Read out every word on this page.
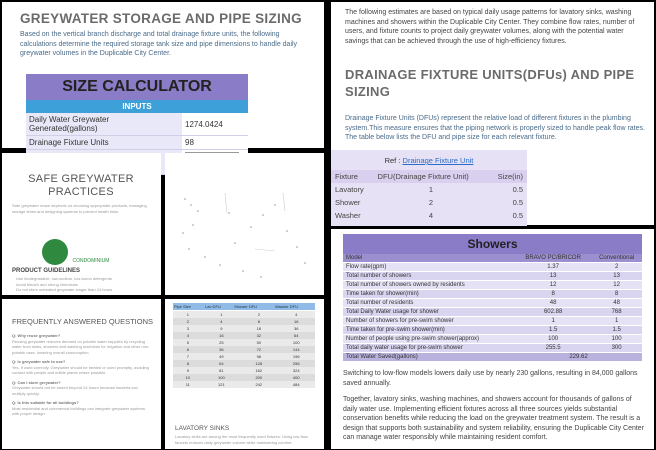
GREYWATER STORAGE AND PIPE SIZING
Based on the vertical branch discharge and total drainage fixture units, the following calculations determine the required storage tank size and pipe dimensions to handle daily greywater volumes in the Duplicable City Center.
SIZE CALCULATOR
INPUTS
Daily Water Greywater Generated(gallons)	1274.0424
Drainage Fixture Units	98

The following estimates are based on typical daily usage patterns for lavatory sinks, washing machines and showers within the Duplicable City Center. They combine flow rates, number of users, and fixture counts to project daily greywater volumes, along with the potential water savings that can be achieved through the use of high-efficiency fixtures.
DRAINAGE FIXTURE UNITS(DFUs) AND PIPE SIZING
Drainage Fixture Units (DFUs) represent the relative load of different fixtures in the plumbing system.This measure ensures that the piping network is properly sized to handle peak flow rates. The table below lists the DFU and pipe size for each relevant fixture.
Ref : Drainage Fixture Unit
Fixture	DFU(Drainage Fixture Unit)	Size(in)
Lavatory	1	0.5
Shower	2	0.5
Washer	4	0.5
SAFE GREYWATER PRACTICES
Safe greywater reuse depends on choosing appropriate products, managing storage times and designing systems to prevent health risks.
CONDOMINIUM
PRODUCT GUIDELINES
Use biodegradable, low-sodium, low-boron detergents
Avoid bleach and strong chemicals
Do not store untreated greywater longer than 24 hours
FREQUENTLY ANSWERED QUESTIONS
Q: Why reuse greywater?
Reusing greywater reduces demand on potable water supplies by recycling water from sinks, showers and washing machines for irrigation and other non-potable uses, lowering overall consumption.
Q: Is greywater safe to use?
Yes, if used correctly. Greywater should be treated or used promptly, avoiding contact with people and edible plants where possible.
Q: Can I store greywater?
Greywater should not be stored beyond 24 hours because bacteria can multiply quickly.
Q: Is this suitable for all buildings?
Most residential and commercial buildings can integrate greywater systems with proper design.
Pipe Size	Lav DFU	Shower DFU	Washer DFU
1	1	2	4
2	4	8	16
3	9	18	36
4	16	32	64
5	25	50	100
6	36	72	144
7	49	98	196
8	64	128	256
9	81	162	324
10	100	200	400
11	121	242	484
LAVATORY SINKS
Lavatory sinks are among the most frequently used fixtures. Using low-flow faucets reduces daily greywater volume while maintaining comfort.
Showers
Model	BRAVO PC/BRICOR	Conventional
Flow rate(gpm)	1.37	2
Total number of showers	13	13
Total number of showers owned by residents	12	12
Time taken for shower(min)	8	8
Total number of residents	48	48
Total Daily Water usage for shower	602.88	768
Number of showers for pre-swim shower	1	1
Time taken for pre-swim shower(min)	1.5	1.5
Number of people using pre-swim shower(approx)	100	100
Total daily water usage for pre-swim shower	255.5	300
Total Water Saved(gallons)	229.62	
Switching to low-flow models lowers daily use by nearly 230 gallons, resulting in 84,000 gallons saved annually.
Together, lavatory sinks, washing machines, and showers account for thousands of gallons of daily water use. Implementing efficient fixtures across all three sources yields substantial conservation benefits while reducing the load on the greywater treatment system. The result is a design that supports both sustainability and system reliability, ensuring the Duplicable City Center can manage water responsibly while maintaining resident comfort.
